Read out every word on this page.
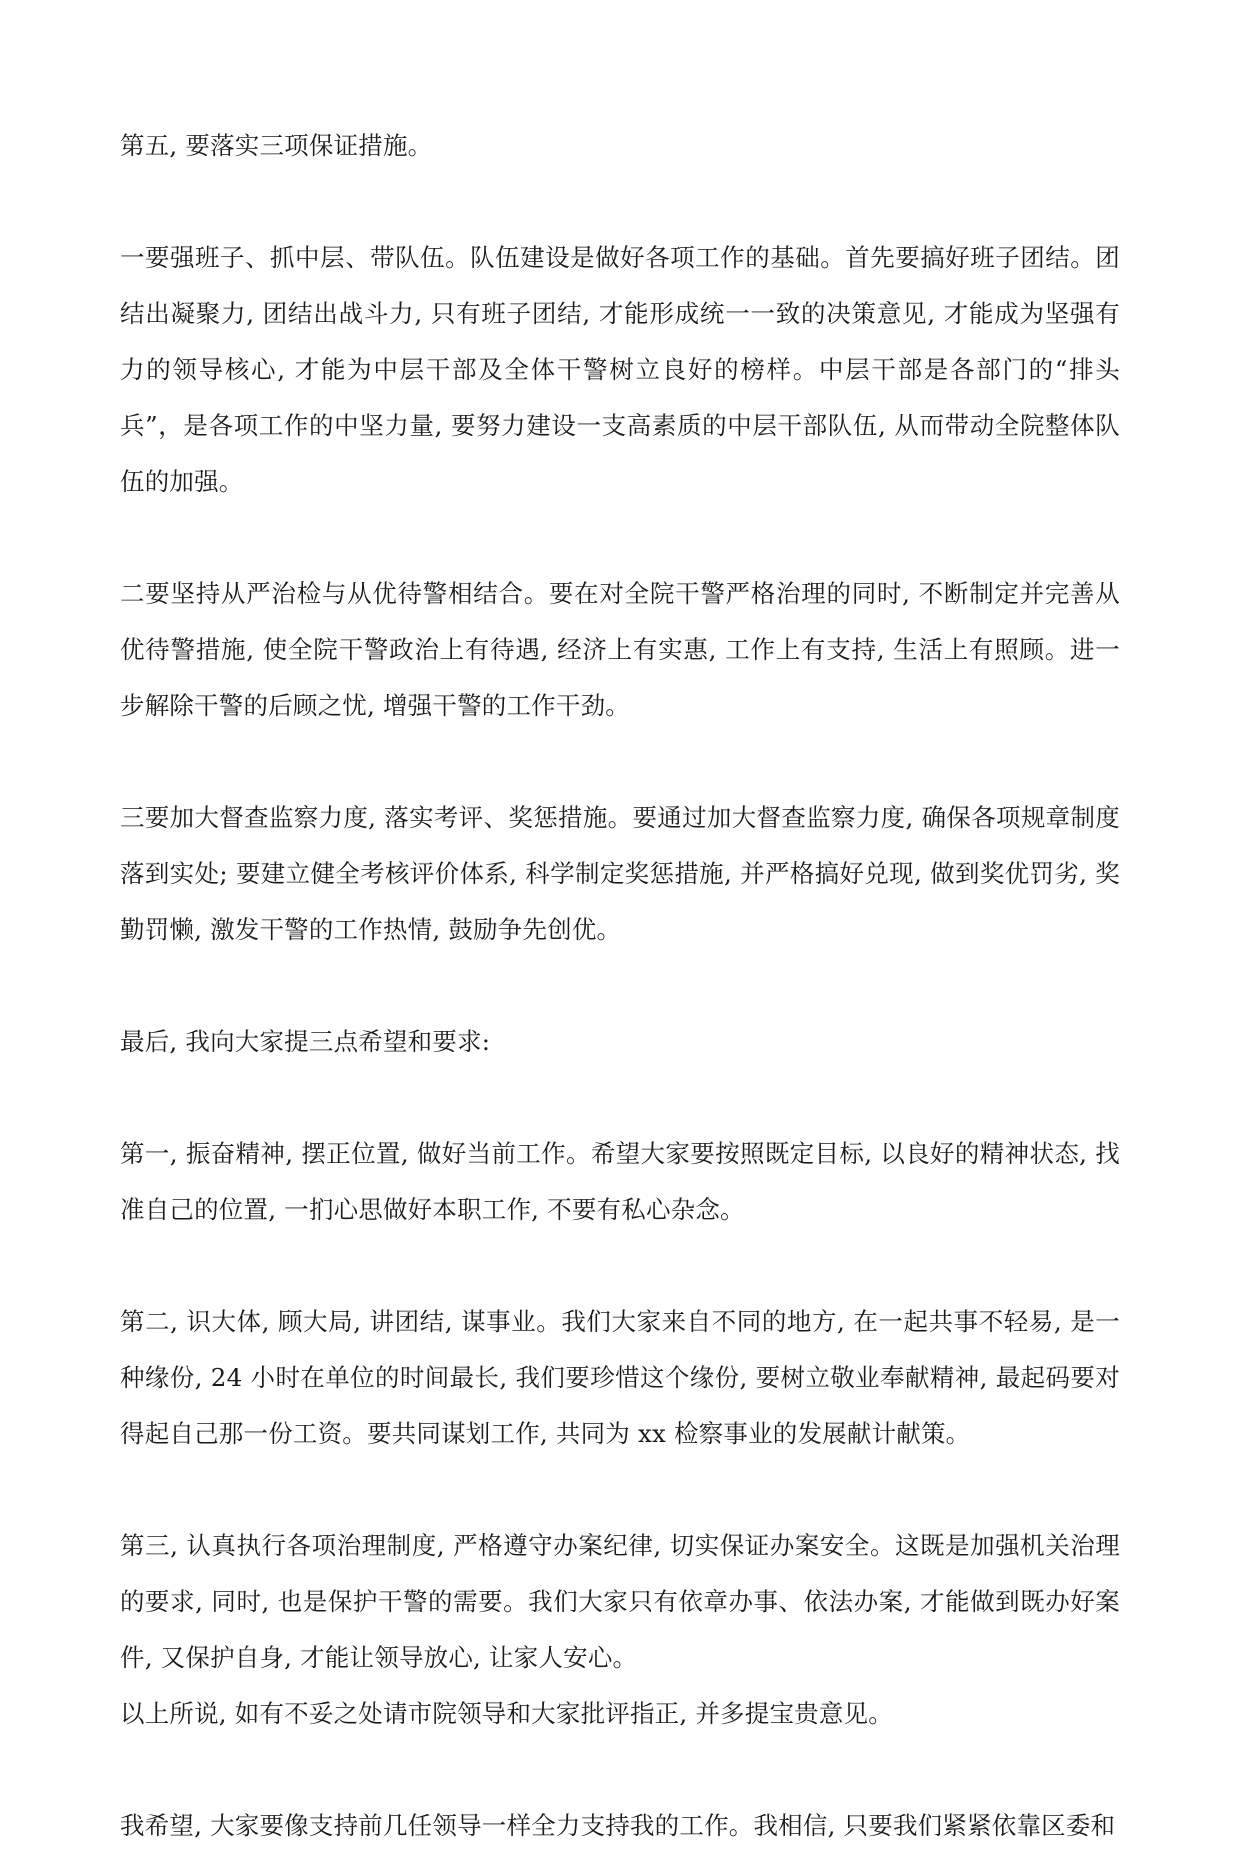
第五, 要落实三项保证措施。

一要强班子、抓中层、带队伍。队伍建设是做好各项工作的基础。首先要搞好班子团结。团结出凝聚力, 团结出战斗力, 只有班子团结, 才能形成统一一致的决策意见, 才能成为坚强有力的领导核心, 才能为中层干部及全体干警树立良好的榜样。中层干部是各部门的“排头兵”，是各项工作的中坚力量, 要努力建设一支高素质的中层干部队伍, 从而带动全院整体队伍的加强。

二要坚持从严治检与从优待警相结合。要在对全院干警严格治理的同时, 不断制定并完善从优待警措施, 使全院干警政治上有待遇, 经济上有实惠, 工作上有支持, 生活上有照顾。进一步解除干警的后顾之忧, 增强干警的工作干劲。

三要加大督查监察力度, 落实考评、奖惩措施。要通过加大督查监察力度, 确保各项规章制度落到实处; 要建立健全考核评价体系, 科学制定奖惩措施, 并严格搞好兑现, 做到奖优罚劣, 奖勤罚懒, 激发干警的工作热情, 鼓励争先创优。

最后, 我向大家提三点希望和要求:

第一, 振奋精神, 摆正位置, 做好当前工作。希望大家要按照既定目标, 以良好的精神状态, 找准自己的位置, 一扪心思做好本职工作, 不要有私心杂念。

第二, 识大体, 顾大局, 讲团结, 谋事业。我们大家来自不同的地方, 在一起共事不轻易, 是一种缘份, 24 小时在单位的时间最长, 我们要珍惜这个缘份, 要树立敬业奉献精神, 最起码要对得起自己那一份工资。要共同谋划工作, 共同为 xx 检察事业的发展献计献策。

第三, 认真执行各项治理制度, 严格遵守办案纪律, 切实保证办案安全。这既是加强机关治理的要求, 同时, 也是保护干警的需要。我们大家只有依章办事、依法办案, 才能做到既办好案件, 又保护自身, 才能让领导放心, 让家人安心。

以上所说, 如有不妥之处请市院领导和大家批评指正, 并多提宝贵意见。

我希望, 大家要像支持前几任领导一样全力支持我的工作。我相信, 只要我们紧紧依靠区委和
